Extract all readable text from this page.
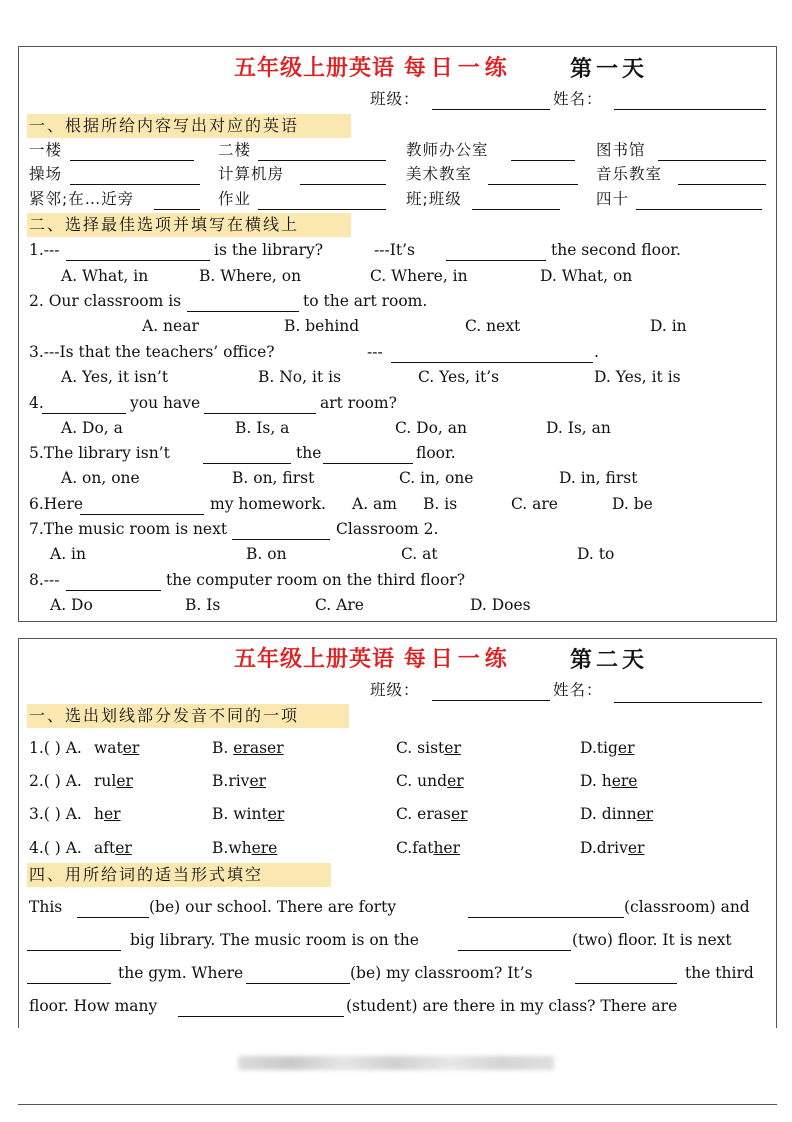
五年级上册英语 每日一练	第一天
班级：	姓名：
一、根据所给内容写出对应的英语
一楼	二楼	教师办公室	图书馆
操场	计算机房	美术教室	音乐教室
紧邻;在…近旁	作业	班;班级	四十
二、选择最佳选项并填写在横线上
1.---	is the library?	---It’s	the second floor.
A. What, in	B. Where, on	C. Where, in	D. What, on
2. Our classroom is	to the art room.
A. near	B. behind	C. next	D. in
3.---Is that the teachers’ office?	---	.
A. Yes, it isn’t	B. No, it is	C. Yes, it’s	D. Yes, it is
4.	you have	art room?
A. Do, a	B. Is, a	C. Do, an	D. Is, an
5.The library isn’t	the	floor.
A. on, one	B. on, first	C. in, one	D. in, first
6.Here	my homework. A. am B. is	C. are	D. be
7.The music room is next	Classroom 2.
A. in	B. on	C. at	D. to
8.---	the computer room on the third floor?
A. Do	B. Is	C. Are	D. Does
五年级上册英语 每日一练	第二天
班级：	姓名：
一、选出划线部分发音不同的一项
1.( ) A. water	B. eraser	C. sister	D.tiger
2.( ) A. ruler	B.river	C. under	D. here
3.( ) A. her	B. winter	C. eraser	D. dinner
4.( ) A. after	B.where	C.father	D.driver
四、用所给词的适当形式填空
This	(be) our school. There are forty	(classroom) and
big library. The music room is on the	(two) floor. It is next
the gym. Where	(be) my classroom? It’s	the third
floor. How many	(student) are there in my class? There are
